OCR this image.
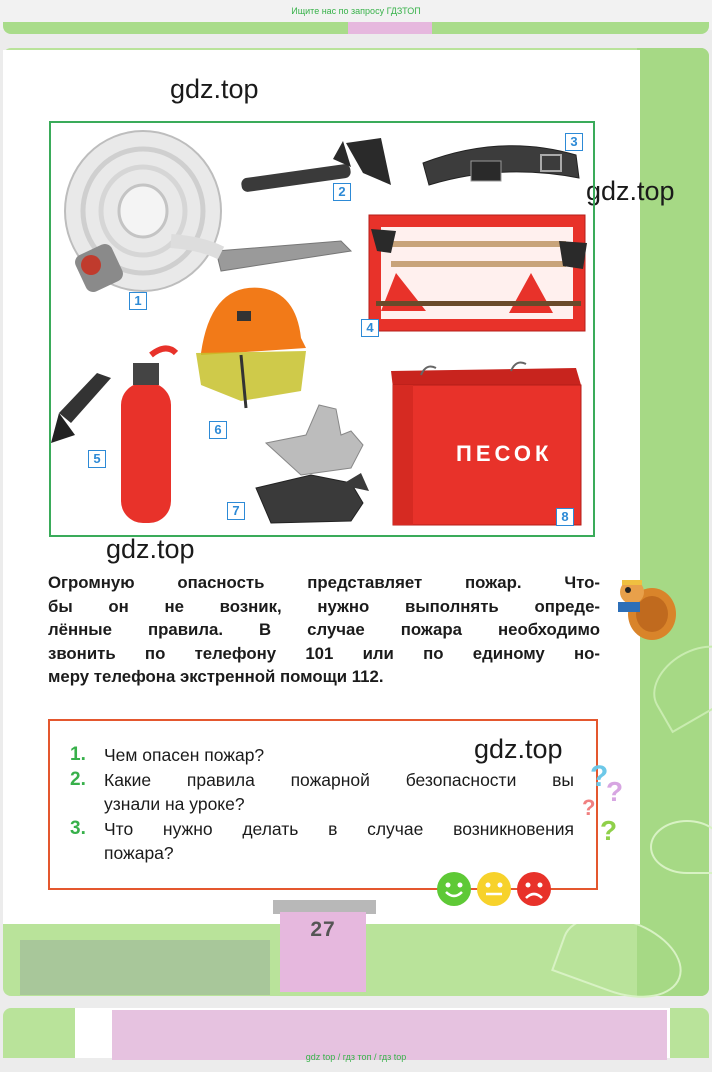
Ищите нас по запросу ГДЗТОП
gdz.top
gdz.top
gdz.top
gdz.top
ПЕСОК
1
2
3
4
5
6
7	8
Огромную опасность представляет пожар. Что-
бы он не возник, нужно выполнять опреде-
лённые правила. В случае пожара необходимо
звонить по телефону 101 или по единому но-
меру телефона экстренной помощи 112.
1. Чем опасен пожар?
2. Какие правила пожарной безопасности вы
узнали на уроке?
3. Что нужно делать в случае возникновения
пожара?
?
?
?
?
27
gdz top / гдз топ / гдз top
